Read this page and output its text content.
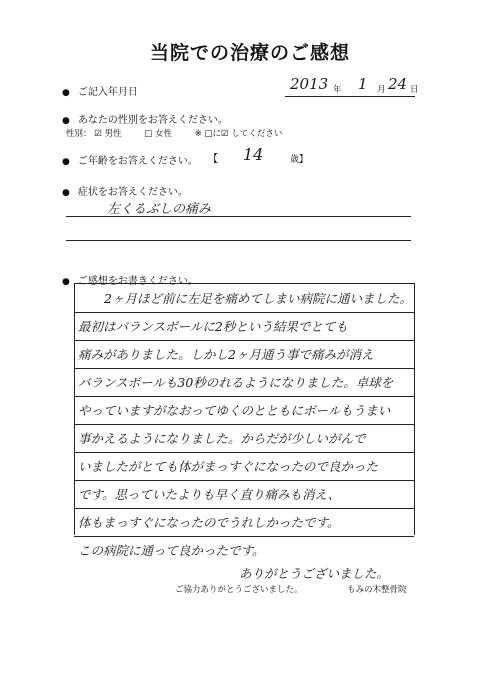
当院での治療のご感想
● ご記入年月日	2013 年 1 月 24 日
● あなたの性別をお答えください。
性別： ☑ 男性	□ 女性	※ □に☑ してください
● ご年齢をお答えください。 【 14	歳】
● 症状をお答えください。
左くるぶしの痛み
● ご感想をお書きください。
2ヶ月ほど前に左足を痛めてしまい病院に通いました。
最初はバランスボールに2秒という結果でとても
痛みがありました。しかし2ヶ月通う事で痛みが消え
バランスボールも30秒のれるようになりました。卓球を
やっていますがなおってゆくのとともにボールもうまい
事かえるようになりました。からだが少しいがんで
いましたがとても体がまっすぐになったので良かった
です。思っていたよりも早く直り痛みも消え、
体もまっすぐになったのでうれしかったです。
この病院に通って良かったです。
ありがとうございました。
ご協力ありがとうございました。	もみの木整骨院
